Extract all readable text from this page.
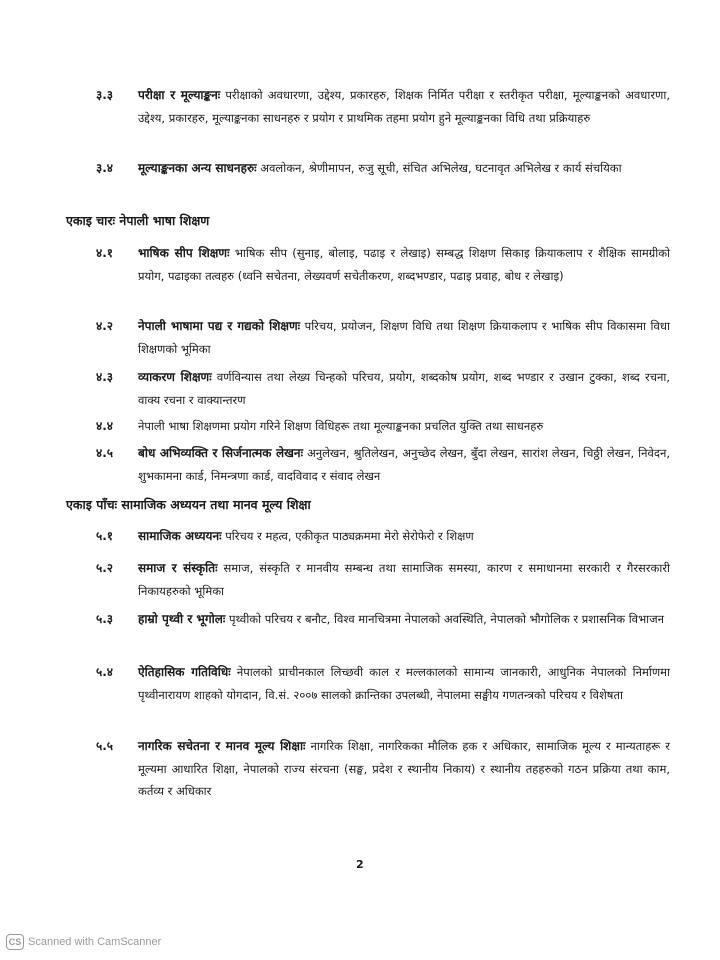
३.३ परीक्षा र मूल्याङ्कनः परीक्षाको अवधारणा, उद्देश्य, प्रकारहरु, शिक्षक निर्मित परीक्षा र स्तरीकृत परीक्षा, मूल्याङ्कनको अवधारणा, उद्देश्य, प्रकारहरु, मूल्याङ्कनका साधनहरु र प्रयोग र प्राथमिक तहमा प्रयोग हुने मूल्याङ्कनका विधि तथा प्रक्रियाहरु
३.४ मूल्याङ्कनका अन्य साधनहरुः अवलोकन, श्रेणीमापन, रुजु सूची, संचित अभिलेख, घटनावृत अभिलेख र कार्य संचयिका
एकाइ चारः नेपाली भाषा शिक्षण
४.१ भाषिक सीप शिक्षणः भाषिक सीप (सुनाइ, बोलाइ, पढाइ र लेखाइ) सम्बद्ध शिक्षण सिकाइ क्रियाकलाप र शैक्षिक सामग्रीको प्रयोग, पढाइका तत्वहरु (ध्वनि सचेतना, लेख्यवर्ण सचेतीकरण, शब्दभण्डार, पढाइ प्रवाह, बोध र लेखाइ)
४.२ नेपाली भाषामा पद्य र गद्यको शिक्षणः परिचय, प्रयोजन, शिक्षण विधि तथा शिक्षण क्रियाकलाप र भाषिक सीप विकासमा विधा शिक्षणको भूमिका
४.३ व्याकरण शिक्षणः वर्णविन्यास तथा लेख्य चिन्हको परिचय, प्रयोग, शब्दकोष प्रयोग, शब्द भण्डार र उखान टुक्का, शब्द रचना, वाक्य रचना र वाक्यान्तरण
४.४ नेपाली भाषा शिक्षणमा प्रयोग गरिने शिक्षण विधिहरू तथा मूल्याङ्कनका प्रचलित युक्ति तथा साधनहरु
४.५ बोध अभिव्यक्ति र सिर्जनात्मक लेखनः अनुलेखन, श्रुतिलेखन, अनुच्छेद लेखन, बुँदा लेखन, सारांश लेखन, चिठ्ठी लेखन, निवेदन, शुभकामना कार्ड, निमन्त्रणा कार्ड, वादविवाद र संवाद लेखन
एकाइ पाँचः सामाजिक अध्ययन तथा मानव मूल्य शिक्षा
५.१ सामाजिक अध्ययनः परिचय र महत्व, एकीकृत पाठ्यक्रममा मेरो सेरोफेरो र शिक्षण
५.२ समाज र संस्कृतिः समाज, संस्कृति र मानवीय सम्बन्ध तथा सामाजिक समस्या, कारण र समाधानमा सरकारी र गैरसरकारी निकायहरुको भूमिका
५.३ हाम्रो पृथ्वी र भूगोलः पृथ्वीको परिचय र बनौट, विश्व मानचित्रमा नेपालको अवस्थिति, नेपालको भौगोलिक र प्रशासनिक विभाजन
५.४ ऐतिहासिक गतिविधिः नेपालको प्राचीनकाल लिच्छवी काल र मल्लकालको सामान्य जानकारी, आधुनिक नेपालको निर्माणमा पृथ्वीनारायण शाहको योगदान, वि.सं. २००७ सालको क्रान्तिका उपलब्धी, नेपालमा सङ्घीय गणतन्त्रको परिचय र विशेषता
५.५ नागरिक सचेतना र मानव मूल्य शिक्षाः नागरिक शिक्षा, नागरिकका मौलिक हक र अधिकार, सामाजिक मूल्य र मान्यताहरू र मूल्यमा आधारित शिक्षा, नेपालको राज्य संरचना (सङ्घ, प्रदेश र स्थानीय निकाय) र स्थानीय तहहरुको गठन प्रक्रिया तथा काम, कर्तव्य र अधिकार
2
CS Scanned with CamScanner
